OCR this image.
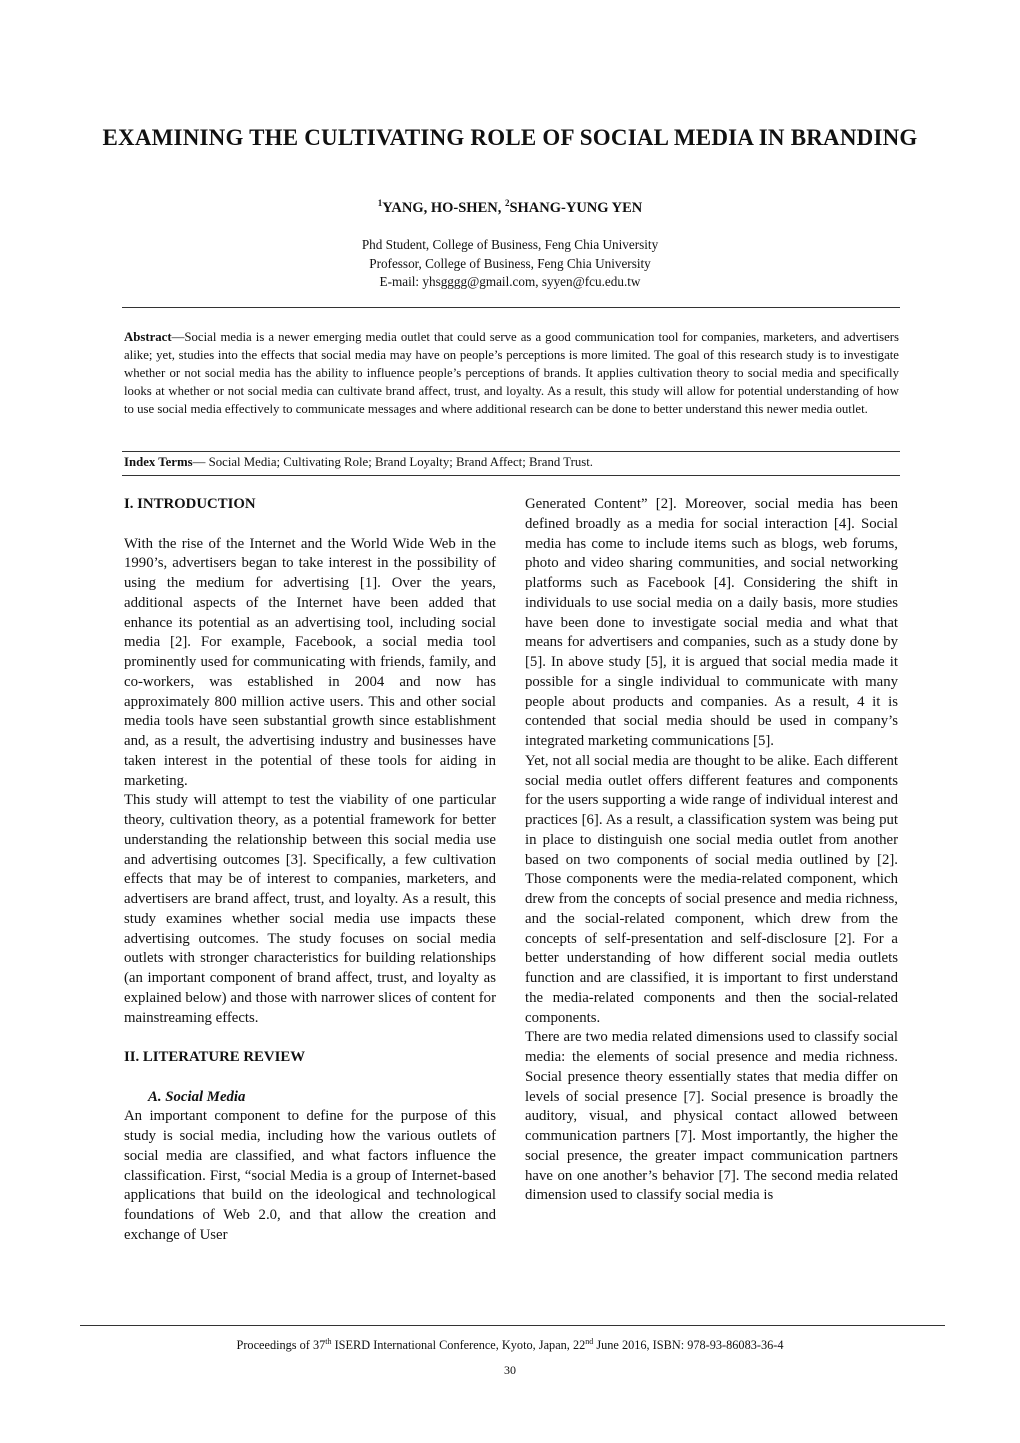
EXAMINING THE CULTIVATING ROLE OF SOCIAL MEDIA IN BRANDING
$^1$YANG, HO-SHEN, $^2$SHANG-YUNG YEN
Phd Student, College of Business, Feng Chia University
Professor, College of Business, Feng Chia University
E-mail: yhsgggg@gmail.com, syyen@fcu.edu.tw

Abstract—Social media is a newer emerging media outlet that could serve as a good communication tool for companies, marketers, and advertisers alike; yet, studies into the effects that social media may have on people’s perceptions is more limited. The goal of this research study is to investigate whether or not social media has the ability to influence people’s perceptions of brands. It applies cultivation theory to social media and specifically looks at whether or not social media can cultivate brand affect, trust, and loyalty. As a result, this study will allow for potential understanding of how to use social media effectively to communicate messages and where additional research can be done to better understand this newer media outlet.

Index Terms— Social Media; Cultivating Role; Brand Loyalty; Brand Affect; Brand Trust.

I. INTRODUCTION

With the rise of the Internet and the World Wide Web in the 1990’s, advertisers began to take interest in the possibility of using the medium for advertising [1]. Over the years, additional aspects of the Internet have been added that enhance its potential as an advertising tool, including social media [2]. For example, Facebook, a social media tool prominently used for communicating with friends, family, and co-workers, was established in 2004 and now has approximately 800 million active users. This and other social media tools have seen substantial growth since establishment and, as a result, the advertising industry and businesses have taken interest in the potential of these tools for aiding in marketing.

This study will attempt to test the viability of one particular theory, cultivation theory, as a potential framework for better understanding the relationship between this social media use and advertising outcomes [3]. Specifically, a few cultivation effects that may be of interest to companies, marketers, and advertisers are brand affect, trust, and loyalty. As a result, this study examines whether social media use impacts these advertising outcomes. The study focuses on social media outlets with stronger characteristics for building relationships (an important component of brand affect, trust, and loyalty as explained below) and those with narrower slices of content for mainstreaming effects.

II. LITERATURE REVIEW

A. Social Media

An important component to define for the purpose of this study is social media, including how the various outlets of social media are classified, and what factors influence the classification. First, “social Media is a group of Internet-based applications that build on the ideological and technological foundations of Web 2.0, and that allow the creation and exchange of User

Generated Content” [2]. Moreover, social media has been defined broadly as a media for social interaction [4]. Social media has come to include items such as blogs, web forums, photo and video sharing communities, and social networking platforms such as Facebook [4]. Considering the shift in individuals to use social media on a daily basis, more studies have been done to investigate social media and what that means for advertisers and companies, such as a study done by [5]. In above study [5], it is argued that social media made it possible for a single individual to communicate with many people about products and companies. As a result, 4 it is contended that social media should be used in company’s integrated marketing communications [5].

Yet, not all social media are thought to be alike. Each different social media outlet offers different features and components for the users supporting a wide range of individual interest and practices [6]. As a result, a classification system was being put in place to distinguish one social media outlet from another based on two components of social media outlined by [2]. Those components were the media-related component, which drew from the concepts of social presence and media richness, and the social-related component, which drew from the concepts of self-presentation and self-disclosure [2]. For a better understanding of how different social media outlets function and are classified, it is important to first understand the media-related components and then the social-related components.

There are two media related dimensions used to classify social media: the elements of social presence and media richness. Social presence theory essentially states that media differ on levels of social presence [7]. Social presence is broadly the auditory, visual, and physical contact allowed between communication partners [7]. Most importantly, the higher the social presence, the greater impact communication partners have on one another’s behavior [7]. The second media related dimension used to classify social media is

Proceedings of 37th ISERD International Conference, Kyoto, Japan, 22nd June 2016, ISBN: 978-93-86083-36-4
30
